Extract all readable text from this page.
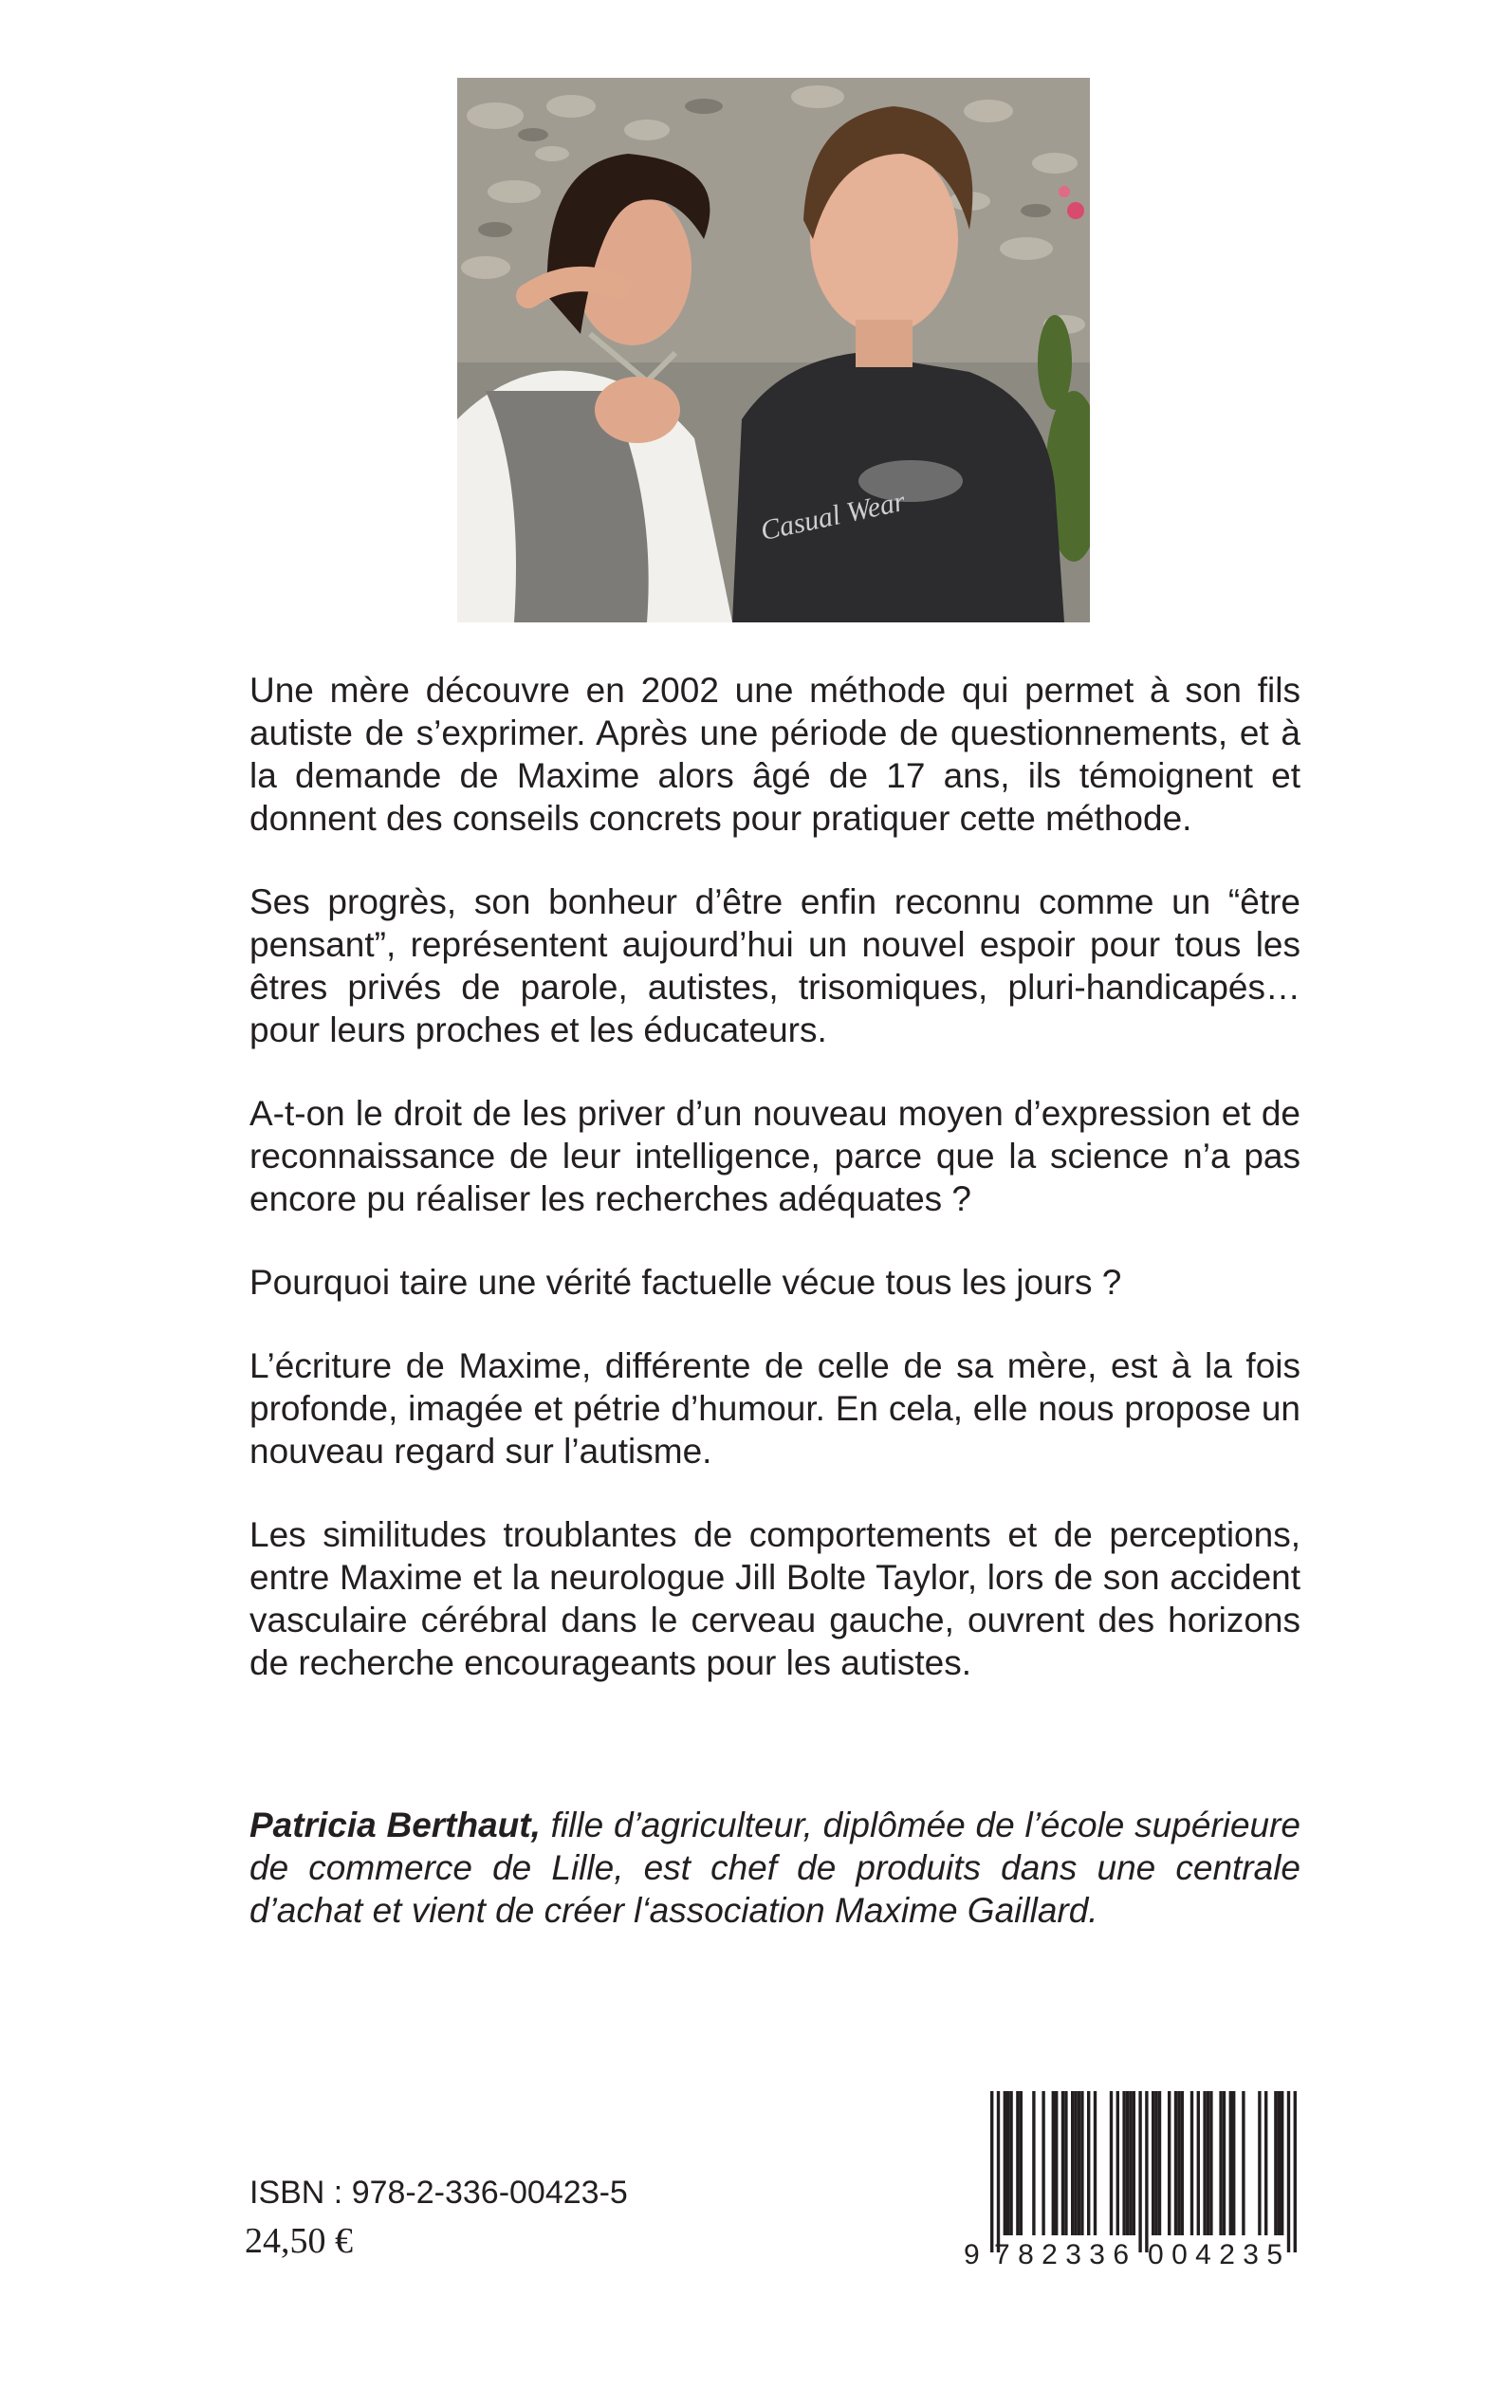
Casual Wear

Une mère découvre en 2002 une méthode qui permet à son fils autiste de s’exprimer. Après une période de questionnements, et à la demande de Maxime alors âgé de 17 ans, ils témoignent et donnent des conseils concrets pour pratiquer cette méthode.

Ses progrès, son bonheur d’être enfin reconnu comme un “être pensant”, représentent aujourd’hui un nouvel espoir pour tous les êtres privés de parole, autistes, trisomiques, pluri-handicapés… pour leurs proches et les éducateurs.

A-t-on le droit de les priver d’un nouveau moyen d’expression et de reconnaissance de leur intelligence, parce que la science n’a pas encore pu réaliser les recherches adéquates ?

Pourquoi taire une vérité factuelle vécue tous les jours ?

L’écriture de Maxime, différente de celle de sa mère, est à la fois profonde, imagée et pétrie d’humour. En cela, elle nous propose un nouveau regard sur l’autisme.

Les similitudes troublantes de comportements et de perceptions, entre Maxime et la neurologue Jill Bolte Taylor, lors de son accident vasculaire cérébral dans le cerveau gauche, ouvrent des horizons de recherche encourageants pour les autistes.

Patricia Berthaut, fille d’agriculteur, diplômée de l’école supérieure de commerce de Lille, est chef de produits dans une centrale d’achat et vient de créer l‘association Maxime Gaillard.
ISBN : 978-2-336-00423-5
24,50 €	9 782336 004235
